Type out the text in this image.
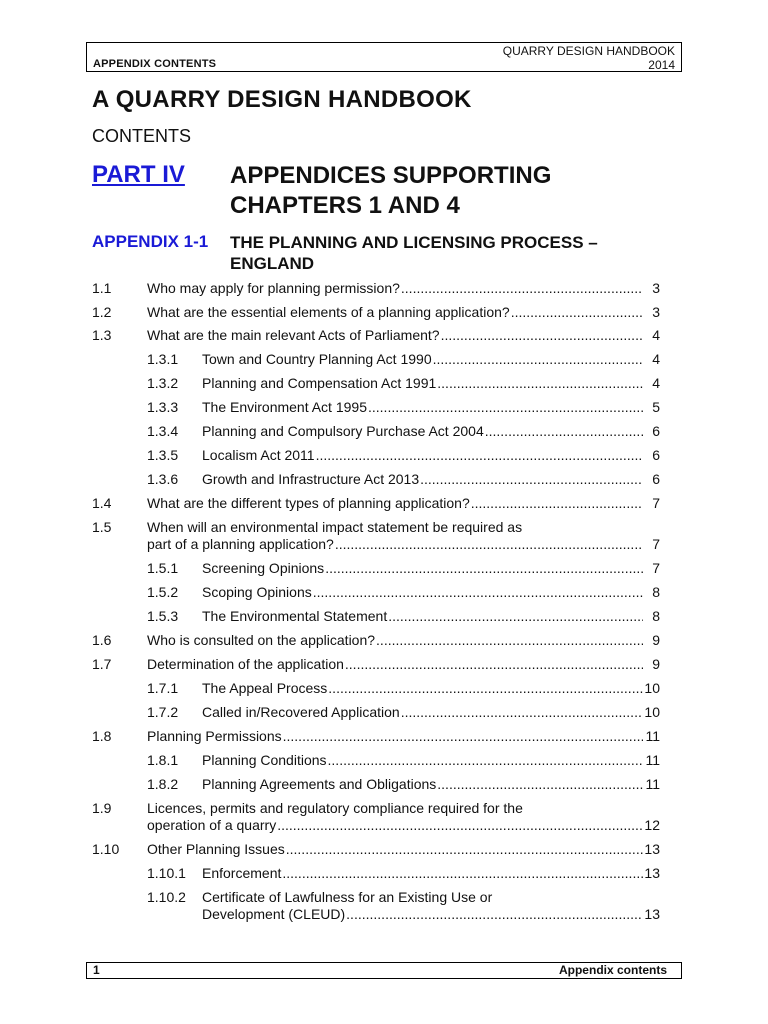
QUARRY DESIGN HANDBOOK
2014
APPENDIX CONTENTS
A QUARRY DESIGN HANDBOOK
CONTENTS
PART IV APPENDICES SUPPORTING CHAPTERS 1 AND 4
APPENDIX 1-1 THE PLANNING AND LICENSING PROCESS – ENGLAND
1.1	Who may apply for planning permission? .....	3
1.2	What are the essential elements of a planning application? .....	3
1.3	What are the main relevant Acts of Parliament? .....	4
1.3.1 Town and Country Planning Act 1990 .....	4
1.3.2 Planning and Compensation Act 1991 .....	4
1.3.3 The Environment Act 1995 .....	5
1.3.4 Planning and Compulsory Purchase Act 2004 .....	6
1.3.5 Localism Act 2011 .....	6
1.3.6 Growth and Infrastructure Act 2013 .....	6
1.4	What are the different types of planning application? .....	7
1.5	When will an environmental impact statement be required as
part of a planning application? .....	7
1.5.1 Screening Opinions .....	7
1.5.2 Scoping Opinions .....	8
1.5.3 The Environmental Statement .....	8
1.6	Who is consulted on the application? .....	9
1.7	Determination of the application .....	9
1.7.1 The Appeal Process .....	10
1.7.2 Called in/Recovered Application .....	10
1.8	Planning Permissions .....	11
1.8.1 Planning Conditions .....	11
1.8.2 Planning Agreements and Obligations .....	11
1.9	Licences, permits and regulatory compliance required for the
operation of a quarry .....	12
1.10 Other Planning Issues .....	13
1.10.1 Enforcement .....	13
1.10.2 Certificate of Lawfulness for an Existing Use or
Development (CLEUD) .....	13
1	Appendix contents
